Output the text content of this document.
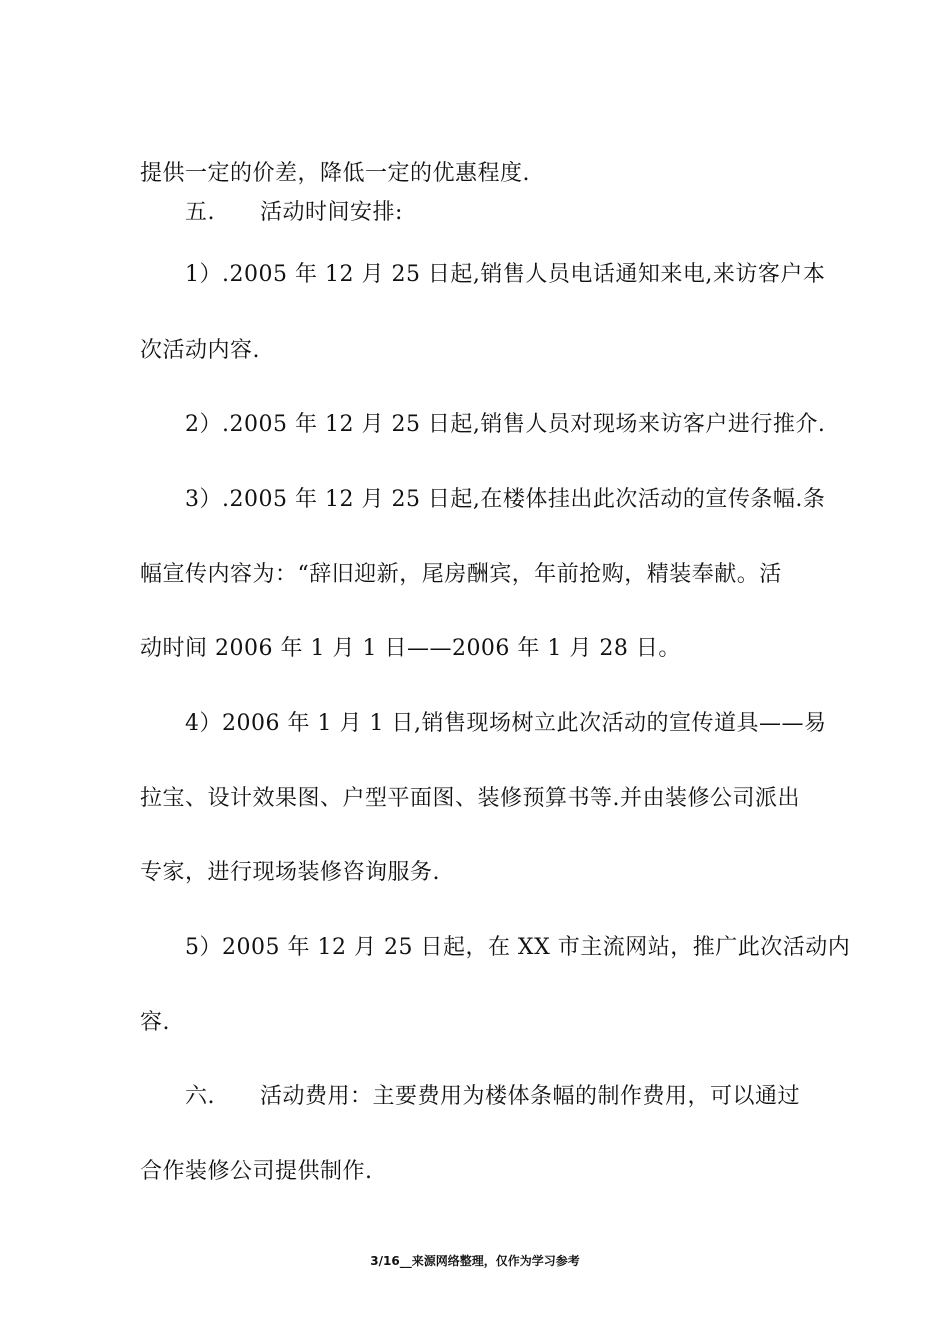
提供一定的价差，降低一定的优惠程度.
五.　　活动时间安排:
1）.2005 年 12 月 25 日起,销售人员电话通知来电,来访客户本
次活动内容.
2）.2005 年 12 月 25 日起,销售人员对现场来访客户进行推介.
3）.2005 年 12 月 25 日起,在楼体挂出此次活动的宣传条幅.条
幅宣传内容为：“辞旧迎新，尾房酬宾，年前抢购，精装奉献。活
动时间 2006 年 1 月 1 日——2006 年 1 月 28 日。
4）2006 年 1 月 1 日,销售现场树立此次活动的宣传道具——易
拉宝、设计效果图、户型平面图、装修预算书等.并由装修公司派出
专家，进行现场装修咨询服务.
5）2005 年 12 月 25 日起，在 XX 市主流网站，推广此次活动内
容.
六.　　活动费用：主要费用为楼体条幅的制作费用，可以通过
合作装修公司提供制作.
3/16__来源网络整理，仅作为学习参考
